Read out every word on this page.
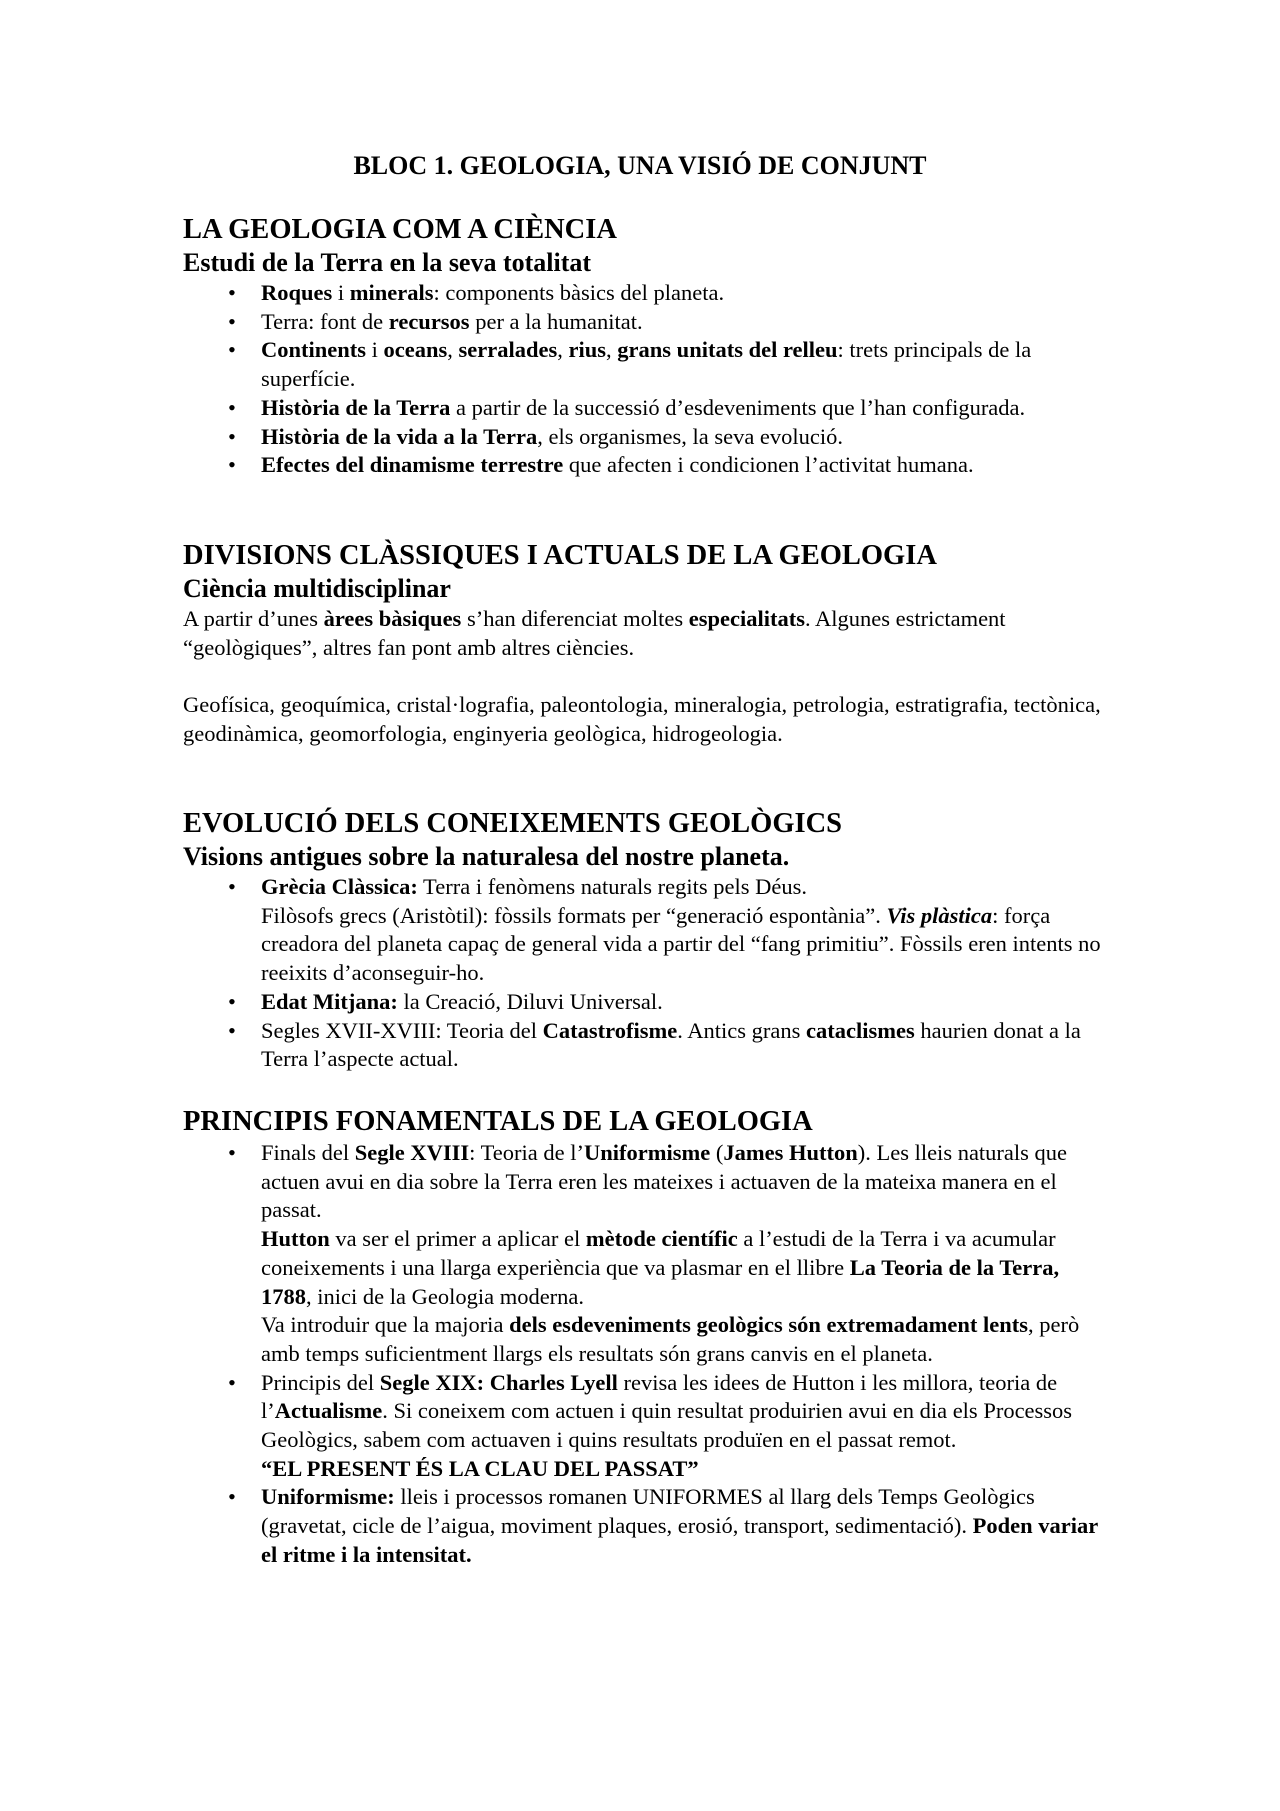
BLOC 1. GEOLOGIA, UNA VISIÓ DE CONJUNT
LA GEOLOGIA COM A CIÈNCIA
Estudi de la Terra en la seva totalitat
• Roques i minerals: components bàsics del planeta.
• Terra: font de recursos per a la humanitat.
• Continents i oceans, serralades, rius, grans unitats del relleu: trets principals de la superfície.
• Història de la Terra a partir de la successió d’esdeveniments que l’han configurada.
• Història de la vida a la Terra, els organismes, la seva evolució.
• Efectes del dinamisme terrestre que afecten i condicionen l’activitat humana.
DIVISIONS CLÀSSIQUES I ACTUALS DE LA GEOLOGIA
Ciència multidisciplinar

A partir d’unes àrees bàsiques s’han diferenciat moltes especialitats. Algunes estrictament “geològiques”, altres fan pont amb altres ciències.

Geofísica, geoquímica, cristal·lografia, paleontologia, mineralogia, petrologia, estratigrafia, tectònica, geodinàmica, geomorfologia, enginyeria geològica, hidrogeologia.

EVOLUCIÓ DELS CONEIXEMENTS GEOLÒGICS
Visions antigues sobre la naturalesa del nostre planeta.
• Grècia Clàssica: Terra i fenòmens naturals regits pels Déus.
Filòsofs grecs (Aristòtil): fòssils formats per “generació espontània”. Vis plàstica: força creadora del planeta capaç de general vida a partir del “fang primitiu”. Fòssils eren intents no reeixits d’aconseguir-ho.
• Edat Mitjana: la Creació, Diluvi Universal.
• Segles XVII-XVIII: Teoria del Catastrofisme. Antics grans cataclismes haurien donat a la Terra l’aspecte actual.
PRINCIPIS FONAMENTALS DE LA GEOLOGIA
• Finals del Segle XVIII: Teoria de l’Uniformisme (James Hutton). Les lleis naturals que actuen avui en dia sobre la Terra eren les mateixes i actuaven de la mateixa manera en el passat.
Hutton va ser el primer a aplicar el mètode científic a l’estudi de la Terra i va acumular coneixements i una llarga experiència que va plasmar en el llibre La Teoria de la Terra, 1788, inici de la Geologia moderna.
Va introduir que la majoria dels esdeveniments geològics són extremadament lents, però amb temps suficientment llargs els resultats són grans canvis en el planeta.
• Principis del Segle XIX: Charles Lyell revisa les idees de Hutton i les millora, teoria de l’Actualisme. Si coneixem com actuen i quin resultat produirien avui en dia els Processos Geològics, sabem com actuaven i quins resultats produïen en el passat remot.
“EL PRESENT ÉS LA CLAU DEL PASSAT”
• Uniformisme: lleis i processos romanen UNIFORMES al llarg dels Temps Geològics (gravetat, cicle de l’aigua, moviment plaques, erosió, transport, sedimentació). Poden variar el ritme i la intensitat.
